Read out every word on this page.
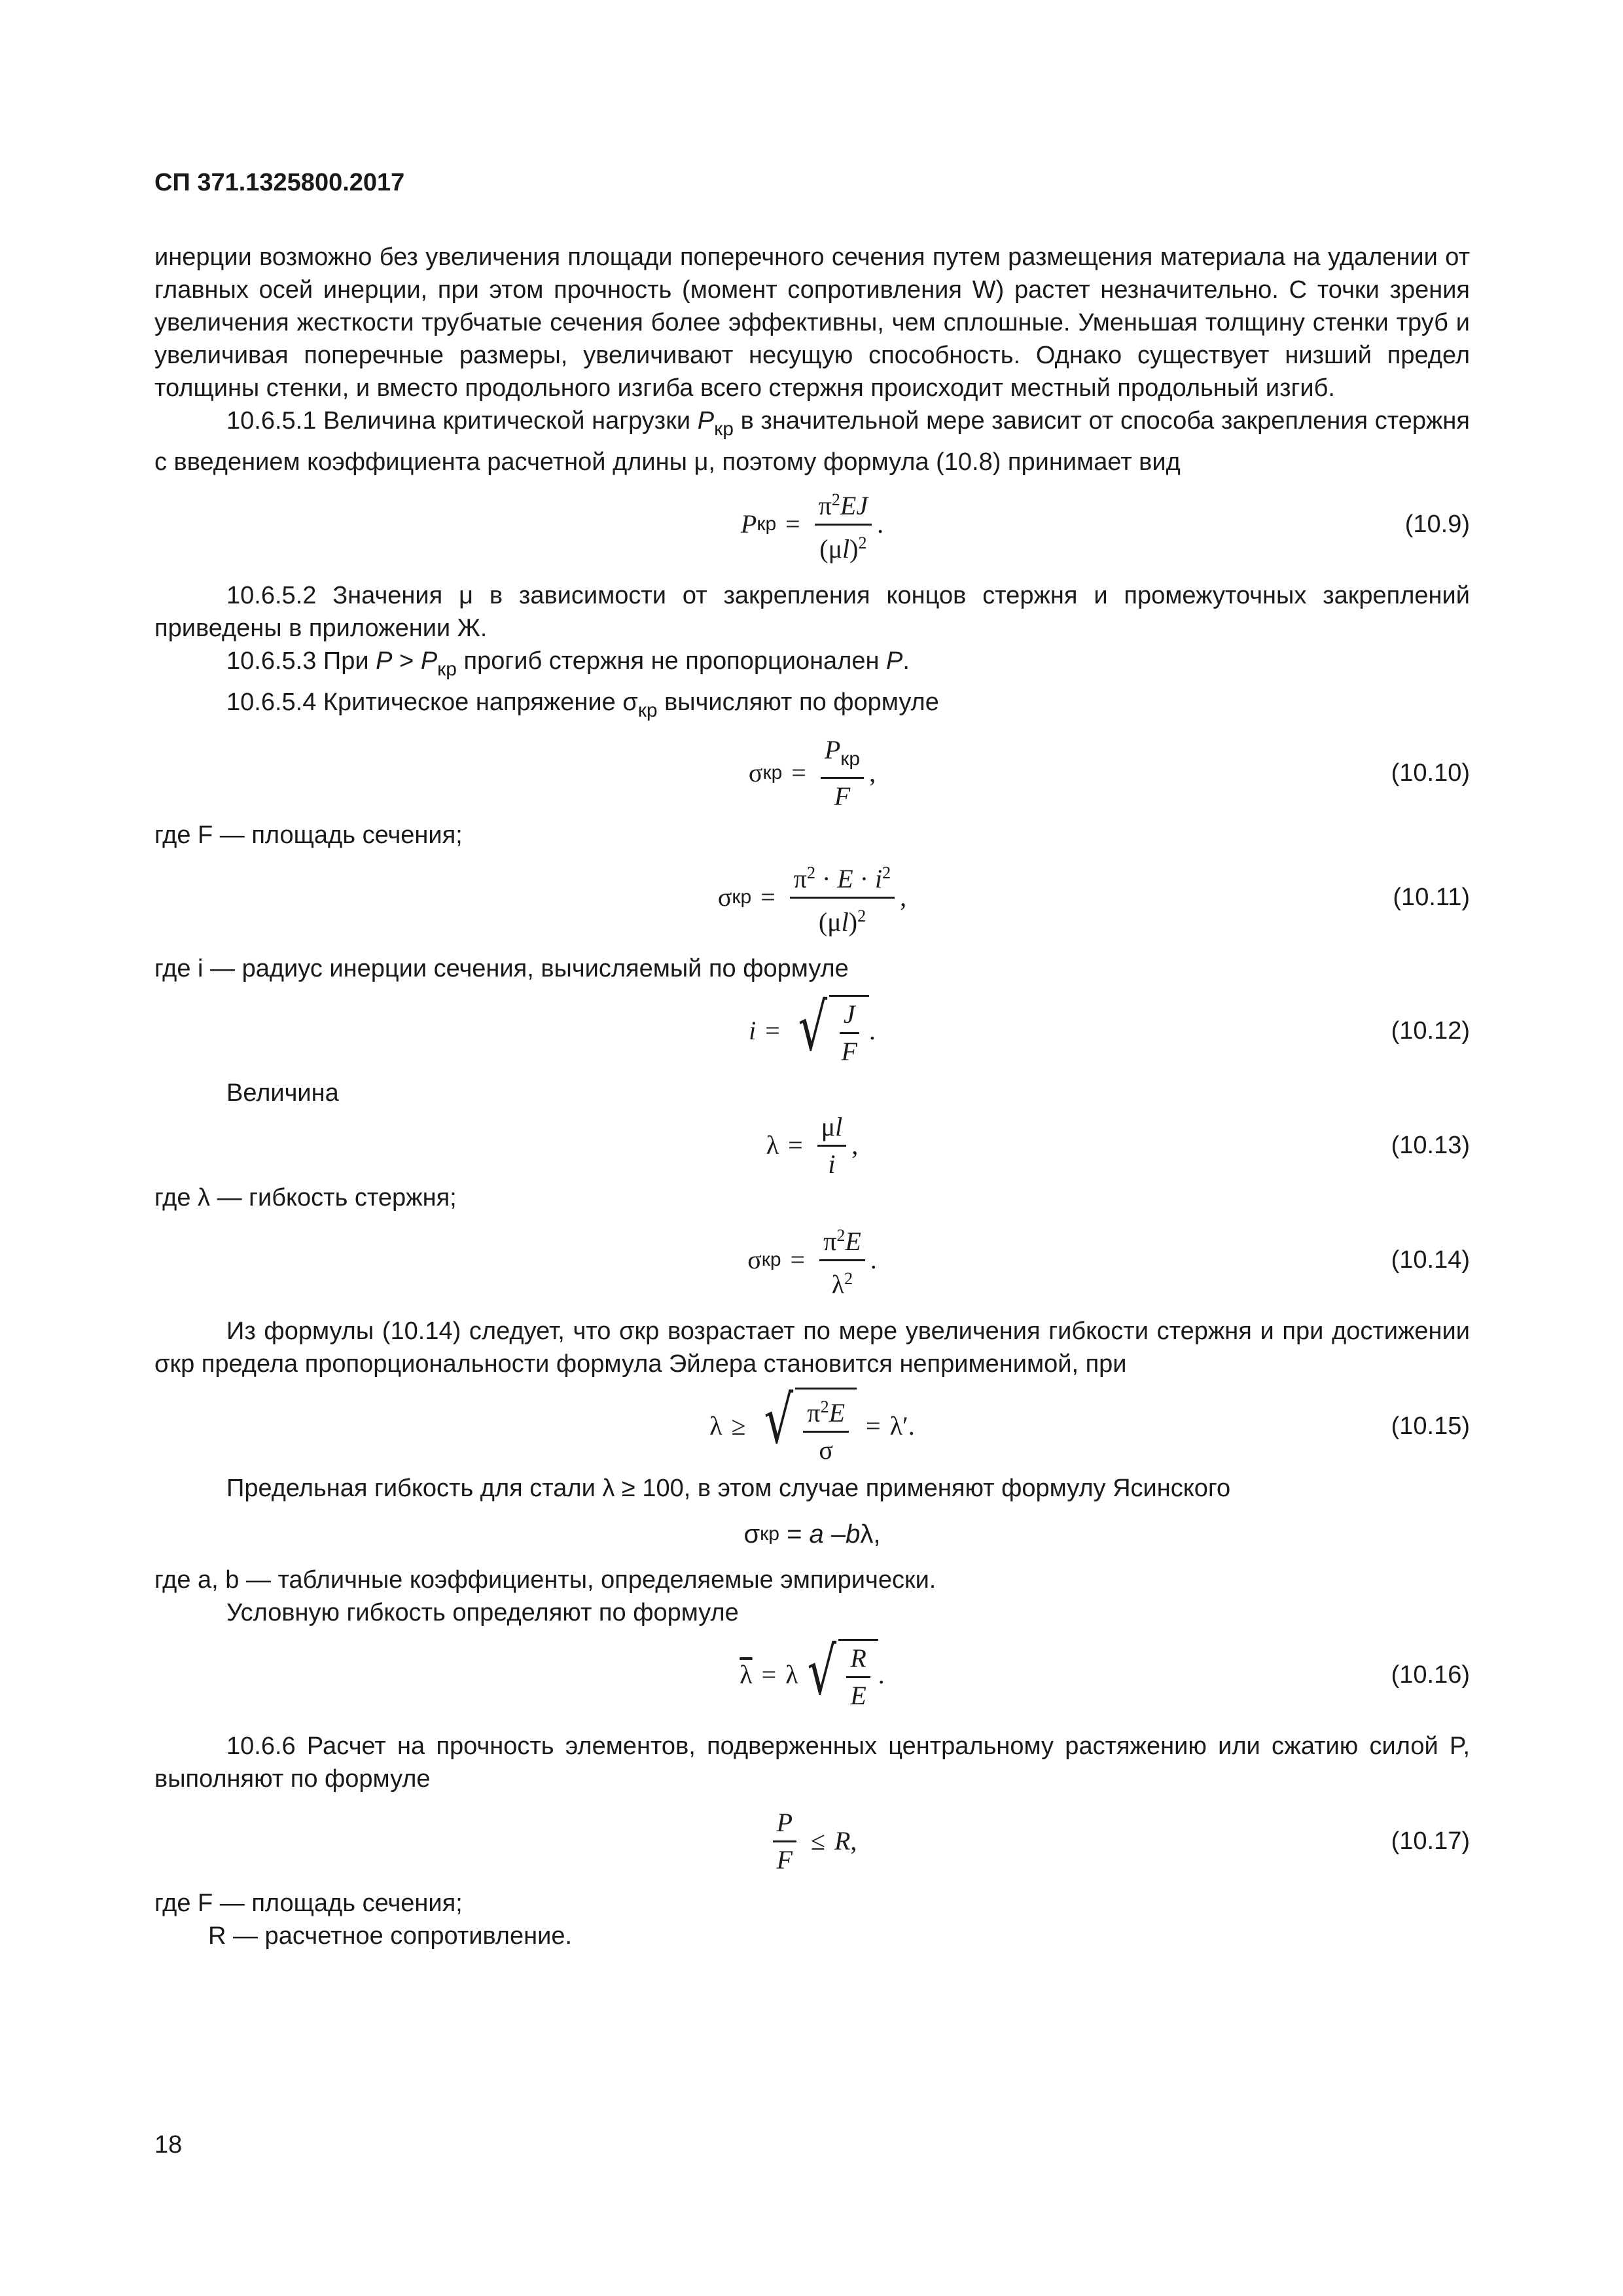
СП 371.1325800.2017

инерции возможно без увеличения площади поперечного сечения путем размещения материала на удалении от главных осей инерции, при этом прочность (момент сопротивления W) растет незначительно. С точки зрения увеличения жесткости трубчатые сечения более эффективны, чем сплошные. Уменьшая толщину стенки труб и увеличивая поперечные размеры, увеличивают несущую способность. Однако существует низший предел толщины стенки, и вместо продольного изгиба всего стержня происходит местный продольный изгиб.

10.6.5.1 Величина критической нагрузки $P_{кр}$ в значительной мере зависит от способа закрепления стержня с введением коэффициента расчетной длины μ, поэтому формула (10.8) принимает вид

P кр = $\frac{\pi^2EJ}{(\mu l)^2}$ .	(10.9)

10.6.5.2 Значения μ в зависимости от закрепления концов стержня и промежуточных закреплений приведены в приложении Ж.

10.6.5.3 При $P > P_{кр}$ прогиб стержня не пропорционален P.

10.6.5.4 Критическое напряжение $\sigma_{кр}$ вычисляют по формуле

σ кр = $\frac{P_{кр}}{F}$ ,	(10.10)

где F — площадь сечения;

σ кр = $\frac{\pi^2 \cdot E \cdot i^2}{(\mu l)^2}$ ,	(10.11)

где i — радиус инерции сечения, вычисляемый по формуле

i = √ $\frac{J}{F}$ .	(10.12)

Величина

$\lambda = \frac{\mu l}{i}$ ,	(10.13)

где λ — гибкость стержня;

σ кр = $\frac{\pi^2E}{\lambda^2}$ .	(10.14)

Из формулы (10.14) следует, что σкр возрастает по мере увеличения гибкости стержня и при достижении σкр предела пропорциональности формула Эйлера становится неприменимой, при

λ ≥ √ $\frac{\pi^2E}{\sigma} = \lambda'$.	(10.15)

Предельная гибкость для стали λ ≥ 100, в этом случае применяют формулу Ясинского

σ кр = a – b λ,

где a, b — табличные коэффициенты, определяемые эмпирически.

Условную гибкость определяют по формуле

$\overline{\lambda} = \lambda$ √ $\frac{R}{E}$ .	(10.16)

10.6.6 Расчет на прочность элементов, подверженных центральному растяжению или сжатию силой P, выполняют по формуле

$\frac{P}{F} \le R$ ,	(10.17)

где F — площадь сечения;

R — расчетное сопротивление.

18
